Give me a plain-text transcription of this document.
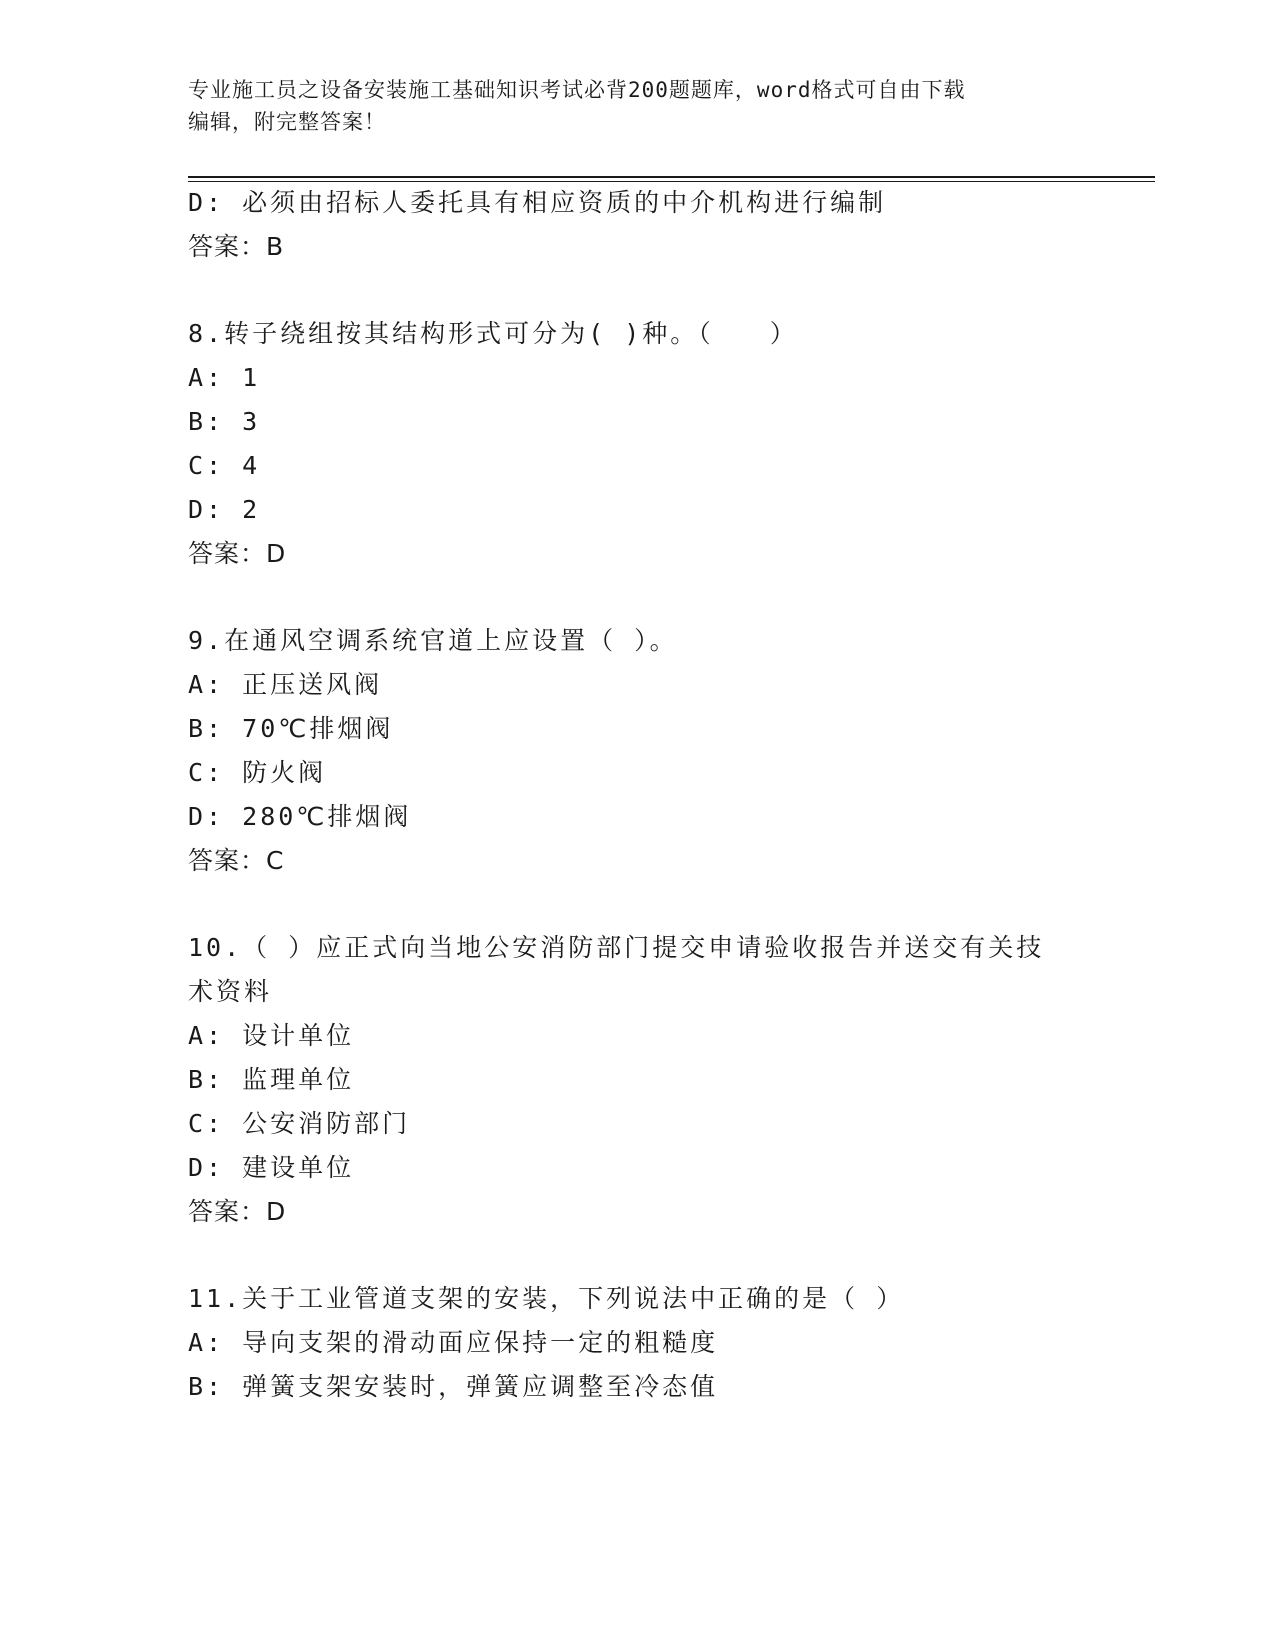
专业施工员之设备安装施工基础知识考试必背200题题库，word格式可自由下载
编辑，附完整答案！
D: 必须由招标人委托具有相应资质的中介机构进行编制
答案：B
8.转子绕组按其结构形式可分为( )种。（　　）
A: 1
B: 3
C: 4
D: 2
答案：D
9.在通风空调系统官道上应设置（ ）。
A: 正压送风阀
B: 70℃排烟阀
C: 防火阀
D: 280℃排烟阀
答案：C
10.（ ）应正式向当地公安消防部门提交申请验收报告并送交有关技
术资料
A: 设计单位
B: 监理单位
C: 公安消防部门
D: 建设单位
答案：D
11.关于工业管道支架的安装，下列说法中正确的是（ ）
A: 导向支架的滑动面应保持一定的粗糙度
B: 弹簧支架安装时，弹簧应调整至冷态值
